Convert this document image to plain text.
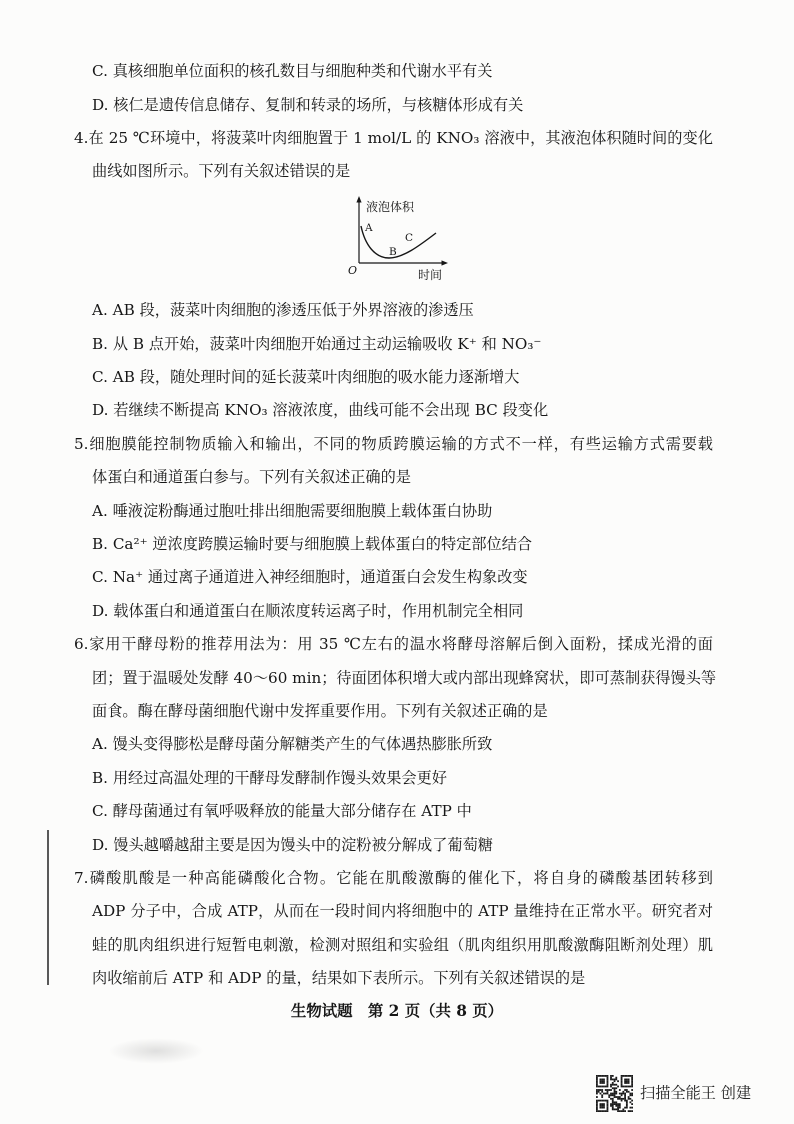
C. 真核细胞单位面积的核孔数目与细胞种类和代谢水平有关
D. 核仁是遗传信息储存、复制和转录的场所，与核糖体形成有关
4.在 25 ℃环境中，将菠菜叶肉细胞置于 1 mol/L 的 KNO₃ 溶液中，其液泡体积随时间的变化
曲线如图所示。下列有关叙述错误的是
液泡体积
A
B
C
O	时间
A. AB 段，菠菜叶肉细胞的渗透压低于外界溶液的渗透压
B. 从 B 点开始，菠菜叶肉细胞开始通过主动运输吸收 K⁺ 和 NO₃⁻
C. AB 段，随处理时间的延长菠菜叶肉细胞的吸水能力逐渐增大
D. 若继续不断提高 KNO₃ 溶液浓度，曲线可能不会出现 BC 段变化
5.细胞膜能控制物质输入和输出，不同的物质跨膜运输的方式不一样，有些运输方式需要载
体蛋白和通道蛋白参与。下列有关叙述正确的是
A. 唾液淀粉酶通过胞吐排出细胞需要细胞膜上载体蛋白协助
B. Ca²⁺ 逆浓度跨膜运输时要与细胞膜上载体蛋白的特定部位结合
C. Na⁺ 通过离子通道进入神经细胞时，通道蛋白会发生构象改变
D. 载体蛋白和通道蛋白在顺浓度转运离子时，作用机制完全相同
6.家用干酵母粉的推荐用法为：用 35 ℃左右的温水将酵母溶解后倒入面粉，揉成光滑的面
团；置于温暖处发酵 40～60 min；待面团体积增大或内部出现蜂窝状，即可蒸制获得馒头等
面食。酶在酵母菌细胞代谢中发挥重要作用。下列有关叙述正确的是
A. 馒头变得膨松是酵母菌分解糖类产生的气体遇热膨胀所致
B. 用经过高温处理的干酵母发酵制作馒头效果会更好
C. 酵母菌通过有氧呼吸释放的能量大部分储存在 ATP 中
D. 馒头越嚼越甜主要是因为馒头中的淀粉被分解成了葡萄糖
7.磷酸肌酸是一种高能磷酸化合物。它能在肌酸激酶的催化下，将自身的磷酸基团转移到
ADP 分子中，合成 ATP，从而在一段时间内将细胞中的 ATP 量维持在正常水平。研究者对
蛙的肌肉组织进行短暂电刺激，检测对照组和实验组（肌肉组织用肌酸激酶阻断剂处理）肌
肉收缩前后 ATP 和 ADP 的量，结果如下表所示。下列有关叙述错误的是
生物试题　第 2 页（共 8 页）
扫描全能王 创建
